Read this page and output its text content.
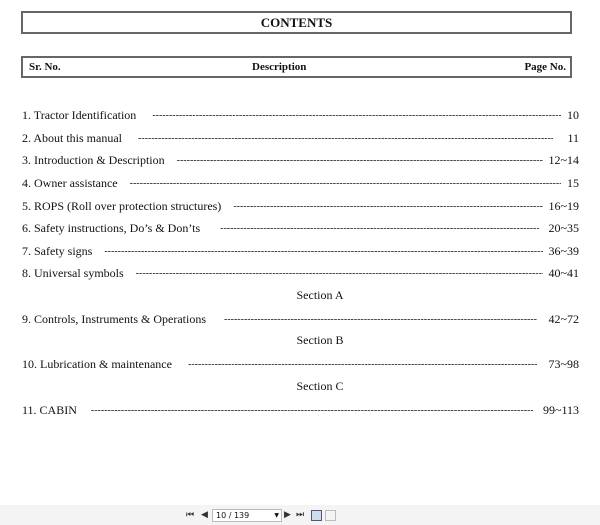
CONTENTS
Sr. No.	Description	Page No.
1. Tractor Identification -----	10
2. About this manual -----	11
3. Introduction & Description -----	12~14
4. Owner assistance -----	15
5. ROPS (Roll over protection structures) -----	16~19
6. Safety instructions, Do’s & Don’ts -----	20~35
7. Safety signs -----	36~39
8. Universal symbols -----	40~41
Section A
9. Controls, Instruments & Operations -----	42~72
Section B
10. Lubrication & maintenance -----	73~98
Section C
11. CABIN -----	99~113
⏮ ◀	10 / 139	▼ ▶ ⏭
